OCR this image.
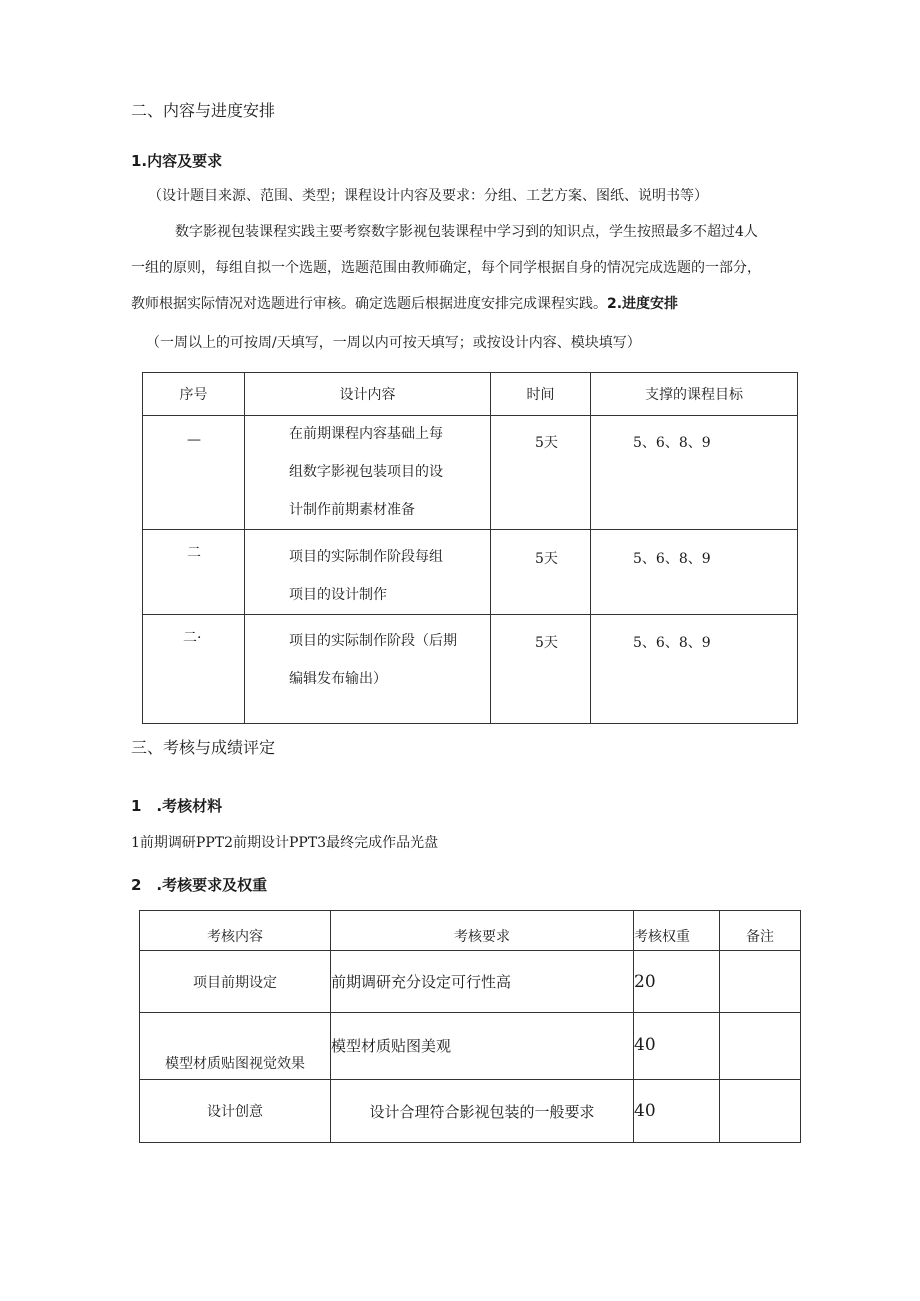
二、内容与进度安排
1.内容及要求
（设计题目来源、范围、类型；课程设计内容及要求：分组、工艺方案、图纸、说明书等）
数字影视包装课程实践主要考察数字影视包装课程中学习到的知识点，学生按照最多不超过4人
一组的原则，每组自拟一个选题，选题范围由教师确定，每个同学根据自身的情况完成选题的一部分，
教师根据实际情况对选题进行审核。确定选题后根据进度安排完成课程实践。2.进度安排
（一周以上的可按周/天填写，一周以内可按天填写；或按设计内容、模块填写）
序号	设计内容	时间	支撑的课程目标

—	在前期课程内容基础上每
组数字影视包装项目的设
计制作前期素材准备	5天	5、6、8、9

二	项目的实际制作阶段每组
项目的设计制作	5天	5、6、8、9

二·	项目的实际制作阶段（后期
编辑发布输出）	5天	5、6、8、9
三、考核与成绩评定
1　.考核材料
1前期调研PPT2前期设计PPT3最终完成作品光盘
2　.考核要求及权重
考核内容	考核要求	考核权重	备注
项目前期设定	前期调研充分设定可行性高	20	
模型材质贴图视觉效果	模型材质贴图美观	40	
设计创意	设计合理符合影视包装的一般要求	40	
